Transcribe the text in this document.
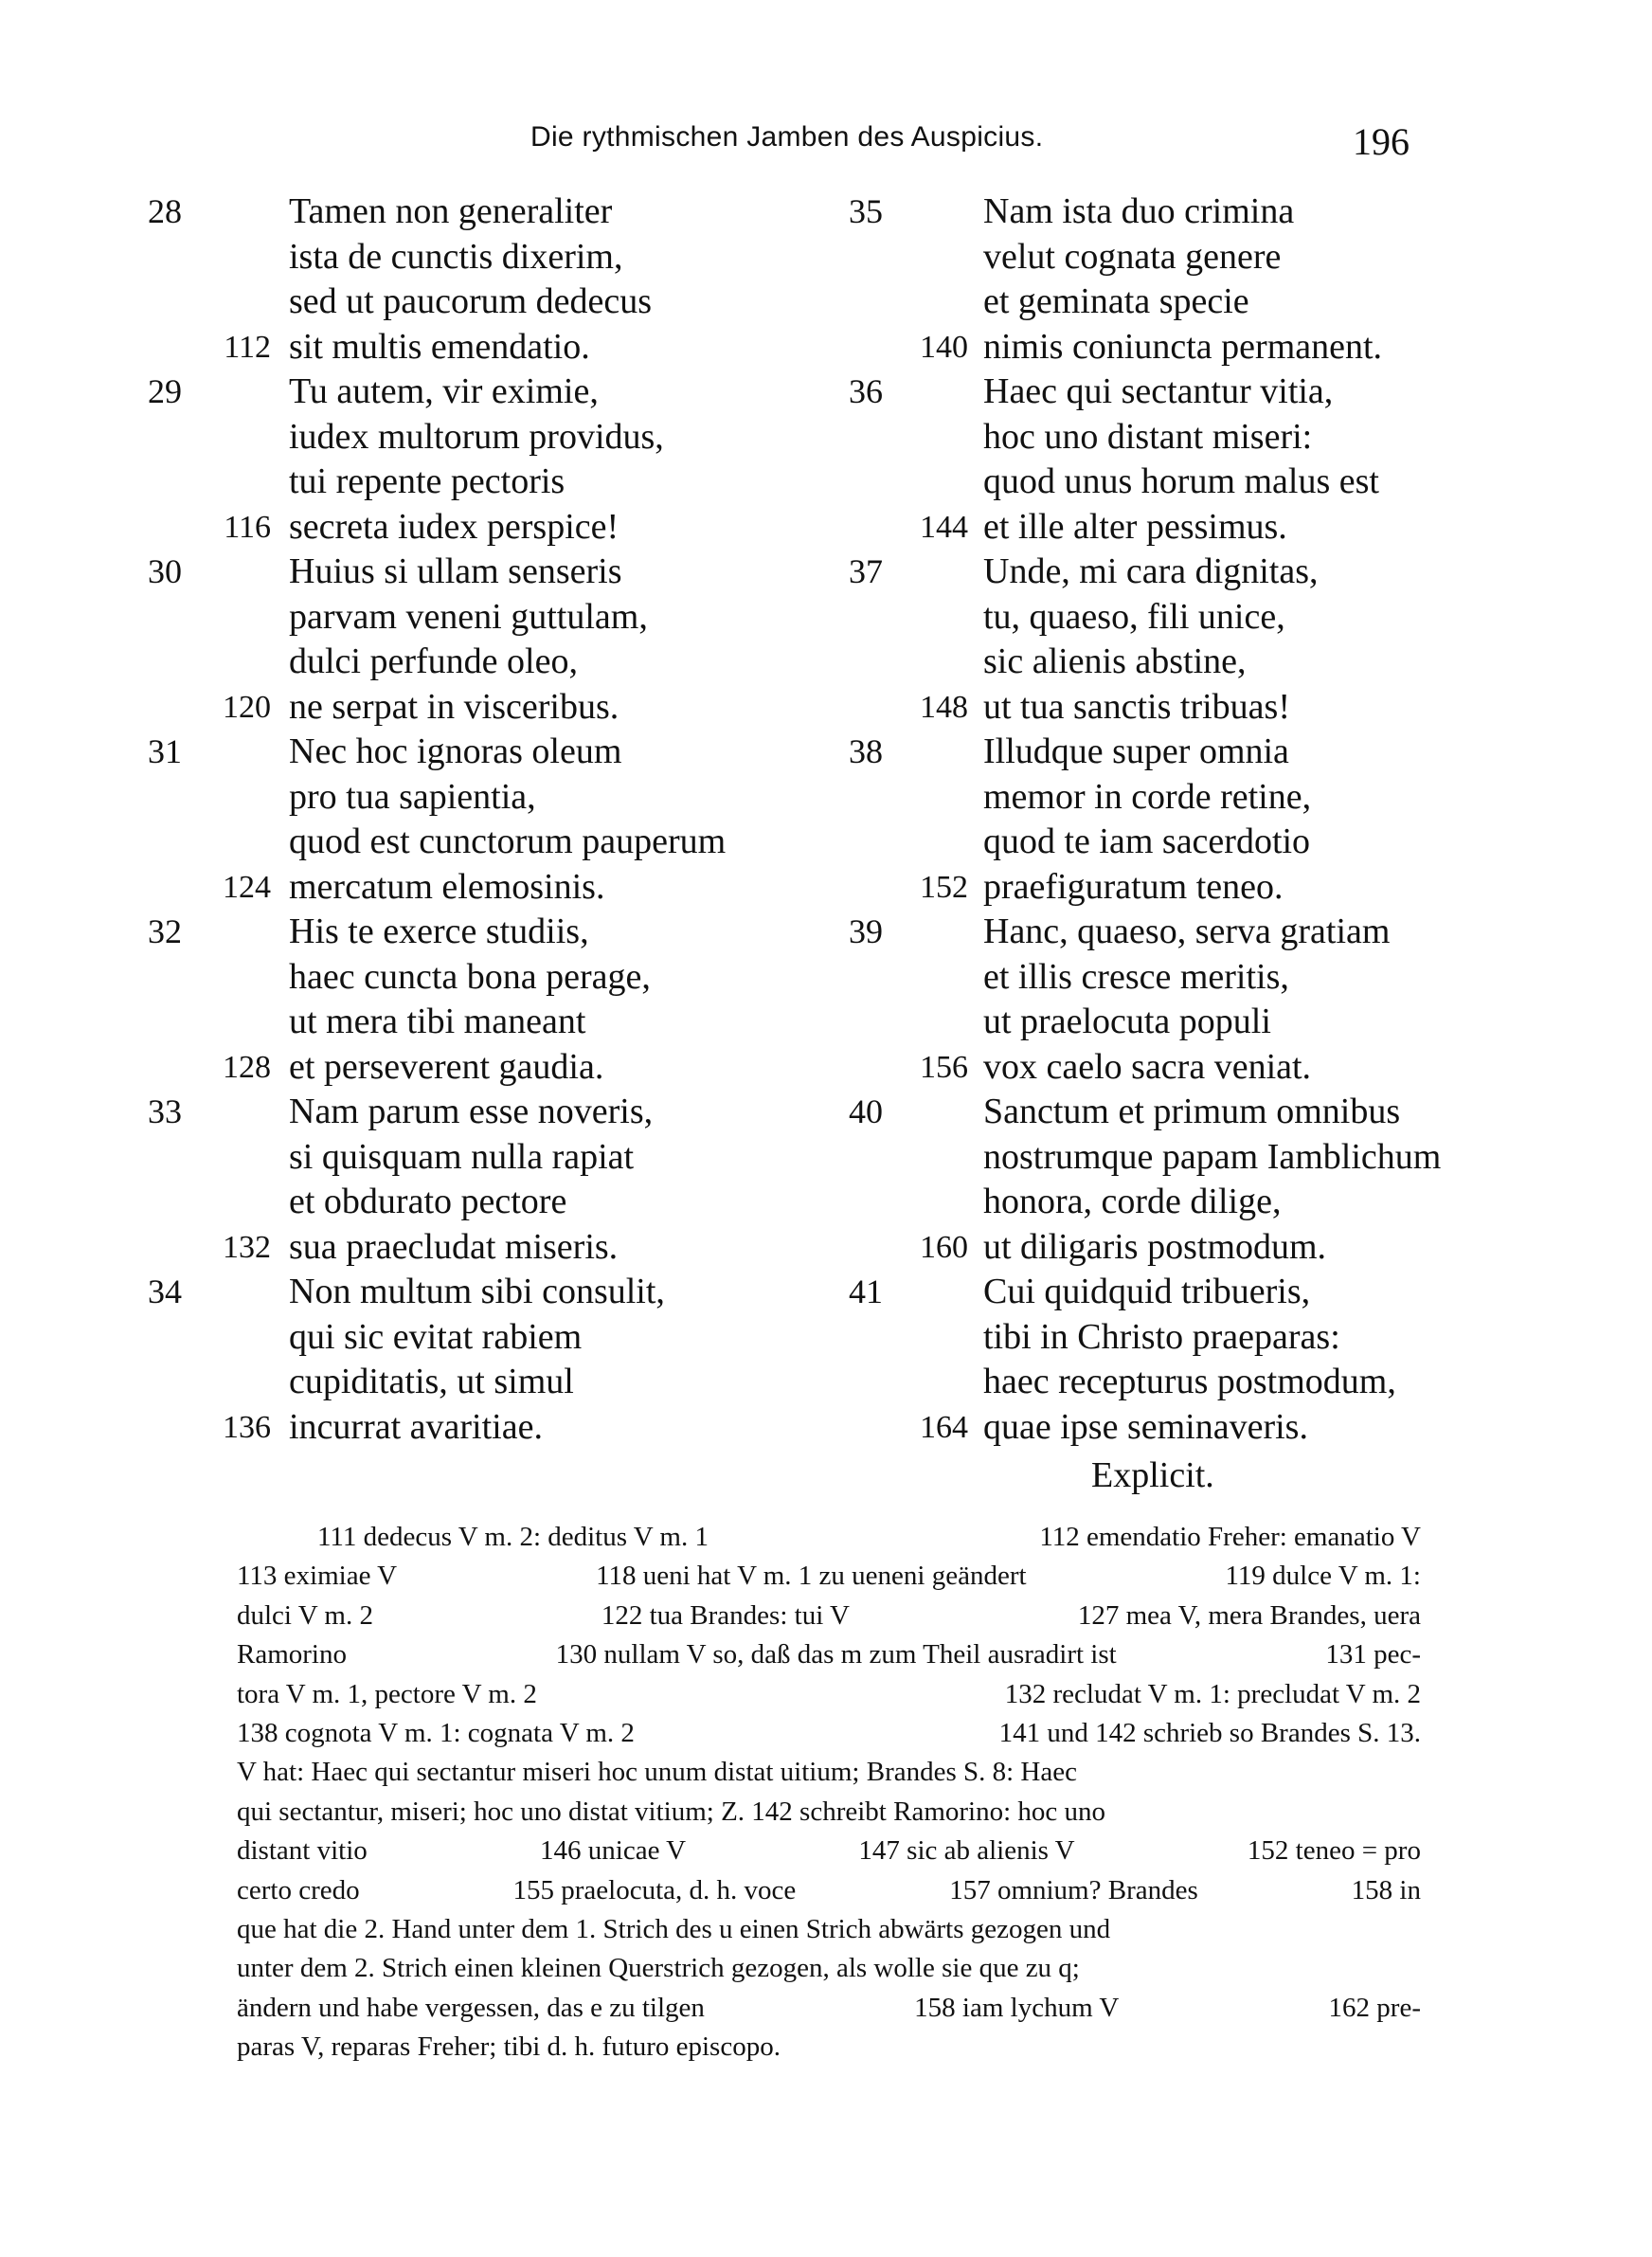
Die rythmischen Jamben des Auspicius.	196
28	Tamen non generaliter
ista de cunctis dixerim,
sed ut paucorum dedecus
112 sit multis emendatio.
29	Tu autem, vir eximie,
iudex multorum providus,
tui repente pectoris
116 secreta iudex perspice!
30	Huius si ullam senseris
parvam veneni guttulam,
dulci perfunde oleo,
120 ne serpat in visceribus.
31	Nec hoc ignoras oleum
pro tua sapientia,
quod est cunctorum pauperum
124 mercatum elemosinis.
32	His te exerce studiis,
haec cuncta bona perage,
ut mera tibi maneant
128 et perseverent gaudia.
33	Nam parum esse noveris,
si quisquam nulla rapiat
et obdurato pectore
132 sua praecludat miseris.
34	Non multum sibi consulit,
qui sic evitat rabiem
cupiditatis, ut simul
136 incurrat avaritiae.
35	Nam ista duo crimina
velut cognata genere
et geminata specie
140 nimis coniuncta permanent.
36	Haec qui sectantur vitia,
hoc uno distant miseri:
quod unus horum malus est
144 et ille alter pessimus.
37	Unde, mi cara dignitas,
tu, quaeso, fili unice,
sic alienis abstine,
148 ut tua sanctis tribuas!
38	Illudque super omnia
memor in corde retine,
quod te iam sacerdotio
152 praefiguratum teneo.
39	Hanc, quaeso, serva gratiam
et illis cresce meritis,
ut praelocuta populi
156 vox caelo sacra veniat.
40	Sanctum et primum omnibus
nostrumque papam Iamblichum
honora, corde dilige,
160 ut diligaris postmodum.
41	Cui quidquid tribueris,
tibi in Christo praeparas:
haec recepturus postmodum,
164 quae ipse seminaveris.
Explicit.
111 dedecus V m. 2: deditus V m. 1	112 emendatio Freher: emanatio V
113 eximiae V	118 ueni hat V m. 1 zu ueneni geändert	119 dulce V m. 1:
dulci V m. 2	122 tua Brandes: tui V	127 mea V, mera Brandes, uera
Ramorino	130 nullam V so, daß das m zum Theil ausradirt ist	131 pec-
tora V m. 1, pectore V m. 2	132 recludat V m. 1: precludat V m. 2
138 cognota V m. 1: cognata V m. 2	141 und 142 schrieb so Brandes S. 13.
V hat: Haec qui sectantur miseri hoc unum distat uitium; Brandes S. 8: Haec
qui sectantur, miseri; hoc uno distat vitium; Z. 142 schreibt Ramorino: hoc uno
distant vitio	146 unicae V	147 sic ab alienis V	152 teneo = pro
certo credo	155 praelocuta, d. h. voce	157 omnium? Brandes	158 in
que hat die 2. Hand unter dem 1. Strich des u einen Strich abwärts gezogen und
unter dem 2. Strich einen kleinen Querstrich gezogen, als wolle sie que zu q;
ändern und habe vergessen, das e zu tilgen	158 iam lychum V	162 pre-
paras V, reparas Freher; tibi d. h. futuro episcopo.
